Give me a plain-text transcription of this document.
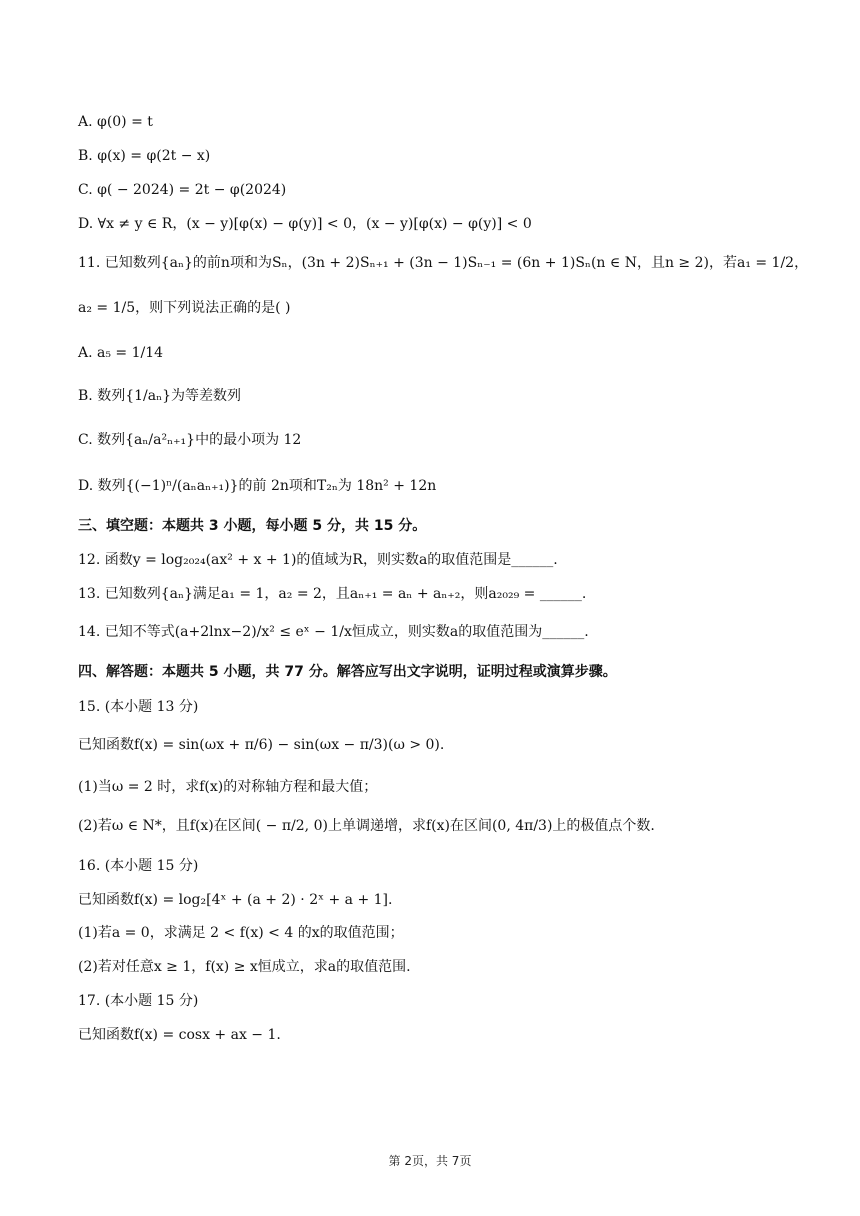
A. φ(0) = t
B. φ(x) = φ(2t − x)
C. φ( − 2024) = 2t − φ(2024)
D. ∀x ≠ y ∈ R，(x − y)[φ(x) − φ(y)] < 0，(x − y)[φ(x) − φ(y)] < 0
11. 已知数列{aₙ}的前n项和为Sₙ，(3n + 2)Sₙ₊₁ + (3n − 1)Sₙ₋₁ = (6n + 1)Sₙ(n ∈ N，且n ≥ 2)，若a₁ = 1/2，
a₂ = 1/5，则下列说法正确的是( )
A. a₅ = 1/14
B. 数列{1/aₙ}为等差数列
C. 数列{aₙ/a²ₙ₊₁}中的最小项为 12
D. 数列{(−1)ⁿ/(aₙaₙ₊₁)}的前 2n项和T₂ₙ为 18n² + 12n
三、填空题：本题共 3 小题，每小题 5 分，共 15 分。
12. 函数y = log₂₀₂₄(ax² + x + 1)的值域为R，则实数a的取值范围是______.
13. 已知数列{aₙ}满足a₁ = 1，a₂ = 2，且aₙ₊₁ = aₙ + aₙ₊₂，则a₂₀₂₉ = ______.
14. 已知不等式(a+2lnx−2)/x² ≤ eˣ − 1/x恒成立，则实数a的取值范围为______.
四、解答题：本题共 5 小题，共 77 分。解答应写出文字说明，证明过程或演算步骤。
15. (本小题 13 分)
已知函数f(x) = sin(ωx + π/6) − sin(ωx − π/3)(ω > 0).
(1)当ω = 2 时，求f(x)的对称轴方程和最大值；
(2)若ω ∈ N*，且f(x)在区间( − π/2, 0)上单调递增，求f(x)在区间(0, 4π/3)上的极值点个数.
16. (本小题 15 分)
已知函数f(x) = log₂[4ˣ + (a + 2) · 2ˣ + a + 1].
(1)若a = 0，求满足 2 < f(x) < 4 的x的取值范围；
(2)若对任意x ≥ 1，f(x) ≥ x恒成立，求a的取值范围.
17. (本小题 15 分)
已知函数f(x) = cosx + ax − 1.
第 2页，共 7页
